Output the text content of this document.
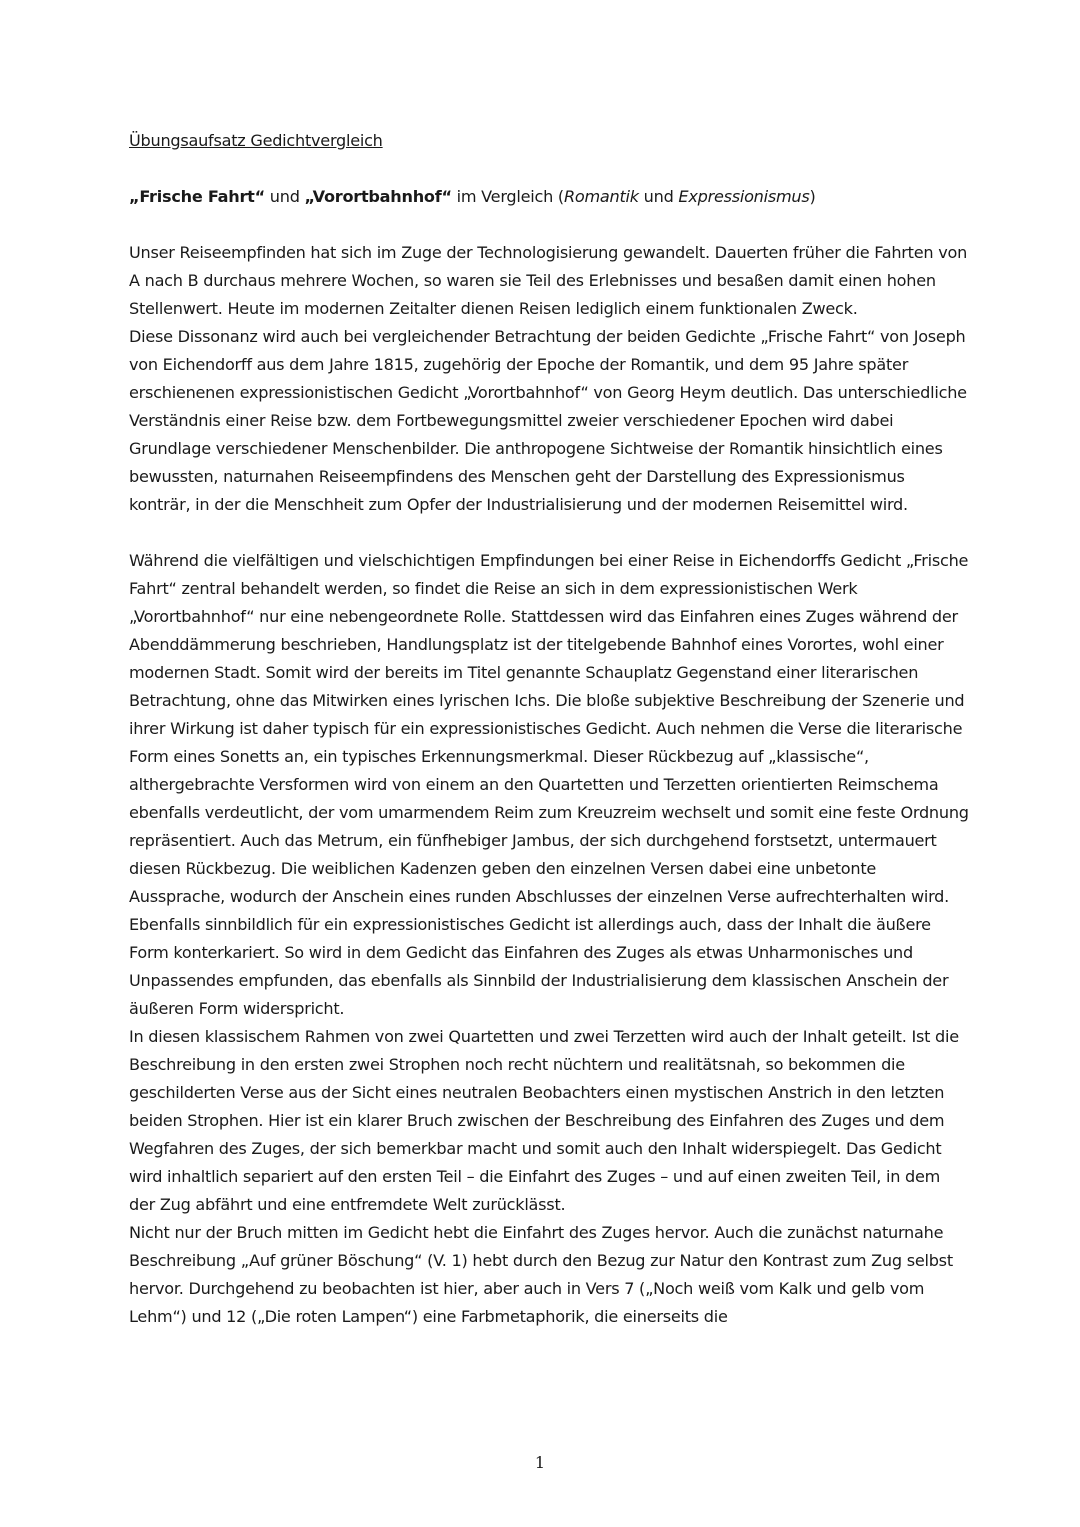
Übungsaufsatz Gedichtvergleich

„Frische Fahrt“ und „Vorortbahnhof“ im Vergleich (Romantik und Expressionismus)

Unser Reiseempfinden hat sich im Zuge der Technologisierung gewandelt. Dauerten früher die Fahrten von A nach B durchaus mehrere Wochen, so waren sie Teil des Erlebnisses und besaßen damit einen hohen Stellenwert. Heute im modernen Zeitalter dienen Reisen lediglich einem funktionalen Zweck.

Diese Dissonanz wird auch bei vergleichender Betrachtung der beiden Gedichte „Frische Fahrt“ von Joseph von Eichendorff aus dem Jahre 1815, zugehörig der Epoche der Romantik, und dem 95 Jahre später erschienenen expressionistischen Gedicht „Vorortbahnhof“ von Georg Heym deutlich. Das unterschiedliche Verständnis einer Reise bzw. dem Fortbewegungsmittel zweier verschiedener Epochen wird dabei Grundlage verschiedener Menschenbilder. Die anthropogene Sichtweise der Romantik hinsichtlich eines bewussten, naturnahen Reiseempfindens des Menschen geht der Darstellung des Expressionismus konträr, in der die Menschheit zum Opfer der Industrialisierung und der modernen Reisemittel wird.

Während die vielfältigen und vielschichtigen Empfindungen bei einer Reise in Eichendorffs Gedicht „Frische Fahrt“ zentral behandelt werden, so findet die Reise an sich in dem expressionistischen Werk „Vorortbahnhof“ nur eine nebengeordnete Rolle. Stattdessen wird das Einfahren eines Zuges während der Abenddämmerung beschrieben, Handlungsplatz ist der titelgebende Bahnhof eines Vorortes, wohl einer modernen Stadt. Somit wird der bereits im Titel genannte Schauplatz Gegenstand einer literarischen Betrachtung, ohne das Mitwirken eines lyrischen Ichs. Die bloße subjektive Beschreibung der Szenerie und ihrer Wirkung ist daher typisch für ein expressionistisches Gedicht. Auch nehmen die Verse die literarische Form eines Sonetts an, ein typisches Erkennungsmerkmal. Dieser Rückbezug auf „klassische“, althergebrachte Versformen wird von einem an den Quartetten und Terzetten orientierten Reimschema ebenfalls verdeutlicht, der vom umarmendem Reim zum Kreuzreim wechselt und somit eine feste Ordnung repräsentiert. Auch das Metrum, ein fünfhebiger Jambus, der sich durchgehend forstsetzt, untermauert diesen Rückbezug. Die weiblichen Kadenzen geben den einzelnen Versen dabei eine unbetonte Aussprache, wodurch der Anschein eines runden Abschlusses der einzelnen Verse aufrechterhalten wird. Ebenfalls sinnbildlich für ein expressionistisches Gedicht ist allerdings auch, dass der Inhalt die äußere Form konterkariert. So wird in dem Gedicht das Einfahren des Zuges als etwas Unharmonisches und Unpassendes empfunden, das ebenfalls als Sinnbild der Industrialisierung dem klassischen Anschein der äußeren Form widerspricht.

In diesen klassischem Rahmen von zwei Quartetten und zwei Terzetten wird auch der Inhalt geteilt. Ist die Beschreibung in den ersten zwei Strophen noch recht nüchtern und realitätsnah, so bekommen die geschilderten Verse aus der Sicht eines neutralen Beobachters einen mystischen Anstrich in den letzten beiden Strophen. Hier ist ein klarer Bruch zwischen der Beschreibung des Einfahren des Zuges und dem Wegfahren des Zuges, der sich bemerkbar macht und somit auch den Inhalt widerspiegelt. Das Gedicht wird inhaltlich separiert auf den ersten Teil – die Einfahrt des Zuges – und auf einen zweiten Teil, in dem der Zug abfährt und eine entfremdete Welt zurücklässt.

Nicht nur der Bruch mitten im Gedicht hebt die Einfahrt des Zuges hervor. Auch die zunächst naturnahe Beschreibung „Auf grüner Böschung“ (V. 1) hebt durch den Bezug zur Natur den Kontrast zum Zug selbst hervor. Durchgehend zu beobachten ist hier, aber auch in Vers 7 („Noch weiß vom Kalk und gelb vom Lehm“) und 12 („Die roten Lampen“) eine Farbmetaphorik, die einerseits die

1
